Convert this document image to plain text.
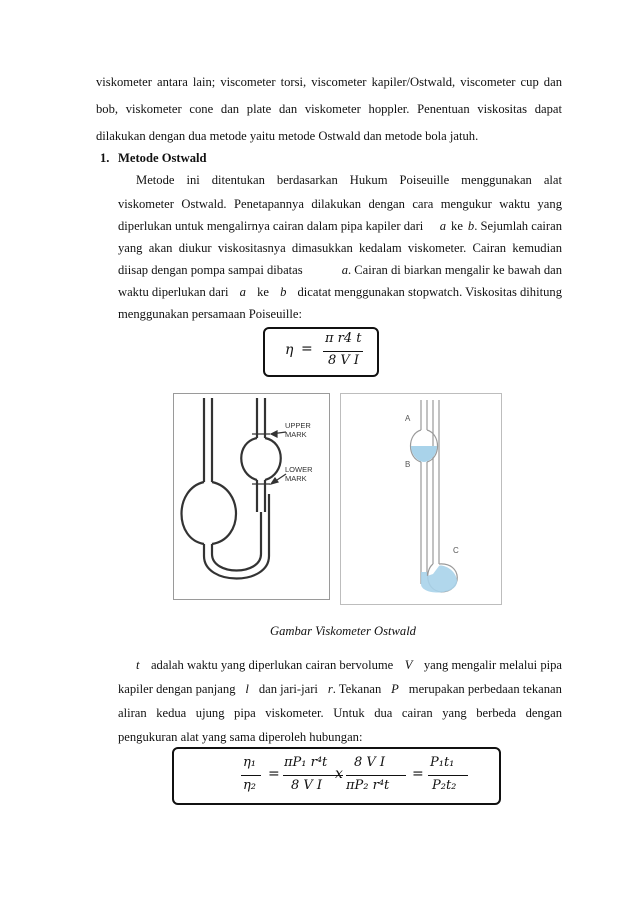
viskometer antara lain; viscometer torsi, viscometer kapiler/Ostwald, viscometer cup dan
bob, viskometer cone dan plate dan viskometer hoppler. Penentuan viskositas dapat
dilakukan dengan dua metode yaitu metode Ostwald dan metode bola jatuh.
1. Metode Ostwald
Metode ini ditentukan berdasarkan Hukum Poiseuille menggunakan alat
viskometer Ostwald. Penetapannya dilakukan dengan cara mengukur waktu yang
diperlukan untuk mengalirnya cairan dalam pipa kapiler dari a ke b. Sejumlah cairan
yang akan diukur viskositasnya dimasukkan kedalam viskometer. Cairan kemudian
diisap dengan pompa sampai dibatas	a . Cairan di biarkan mengalir ke bawah dan
waktu diperlukan dari a ke b dicatat menggunakan stopwatch. Viskositas dihitung
menggunakan persamaan Poiseuille:
η =
π r4 t
8 V I
UPPER
MARK
LOWER
MARK
A
B
C
Gambar Viskometer Ostwald
t adalah waktu yang diperlukan cairan bervolume V yang mengalir melalui pipa
kapiler dengan panjang l dan jari-jari r. Tekanan P merupakan perbedaan tekanan
aliran kedua ujung pipa viskometer. Untuk dua cairan yang berbeda dengan
pengukuran alat yang sama diperoleh hubungan:
η₁
η₂
=
πP₁ r⁴t
8 V I
x
8 V I
πP₂ r⁴t
=
P₁t₁
P₂t₂
